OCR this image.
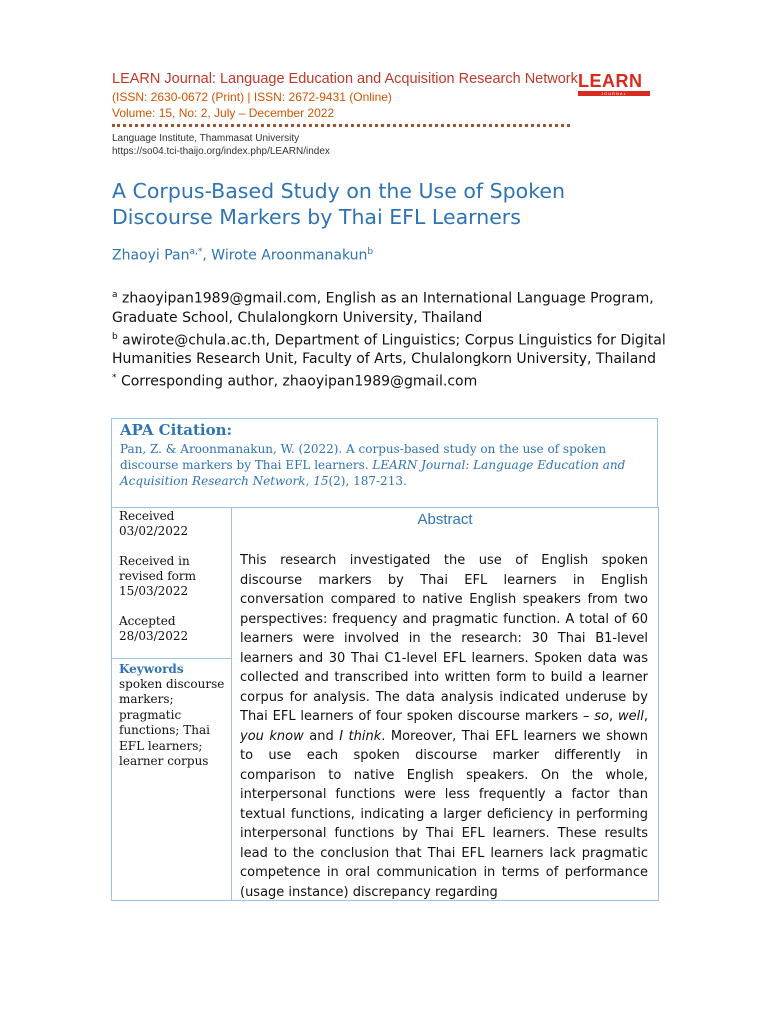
LEARN Journal: Language Education and Acquisition Research Network
(ISSN: 2630-0672 (Print) | ISSN: 2672-9431 (Online)
Volume: 15, No: 2, July – December 2022
Language Institute, Thammasat University
https://so04.tci-thaijo.org/index.php/LEARN/index
LEARN
JOURNAL
A Corpus-Based Study on the Use of Spoken Discourse Markers by Thai EFL Learners
Zhaoyi Pan$^{a,*}$, Wirote Aroonmanakun$^b$

$^a$ zhaoyipan1989@gmail.com, English as an International Language Program, Graduate School, Chulalongkorn University, Thailand

$^b$ awirote@chula.ac.th, Department of Linguistics; Corpus Linguistics for Digital Humanities Research Unit, Faculty of Arts, Chulalongkorn University, Thailand

* Corresponding author, zhaoyipan1989@gmail.com

APA Citation:
Pan, Z. & Aroonmanakun, W. (2022). A corpus-based study on the use of spoken discourse markers by Thai EFL learners. LEARN Journal: Language Education and Acquisition Research Network, 15(2), 187-213.
Received
03/02/2022
Received in revised form
15/03/2022
Accepted
28/03/2022
Keywords
spoken discourse markers; pragmatic functions; Thai EFL learners; learner corpus
Abstract
This research investigated the use of English spoken discourse markers by Thai EFL learners in English conversation compared to native English speakers from two perspectives: frequency and pragmatic function. A total of 60 learners were involved in the research: 30 Thai B1-level learners and 30 Thai C1-level EFL learners. Spoken data was collected and transcribed into written form to build a learner corpus for analysis. The data analysis indicated underuse by Thai EFL learners of four spoken discourse markers – so, well, you know and I think. Moreover, Thai EFL learners we shown to use each spoken discourse marker differently in comparison to native English speakers. On the whole, interpersonal functions were less frequently a factor than textual functions, indicating a larger deficiency in performing interpersonal functions by Thai EFL learners. These results lead to the conclusion that Thai EFL learners lack pragmatic competence in oral communication in terms of performance (usage instance) discrepancy regarding
